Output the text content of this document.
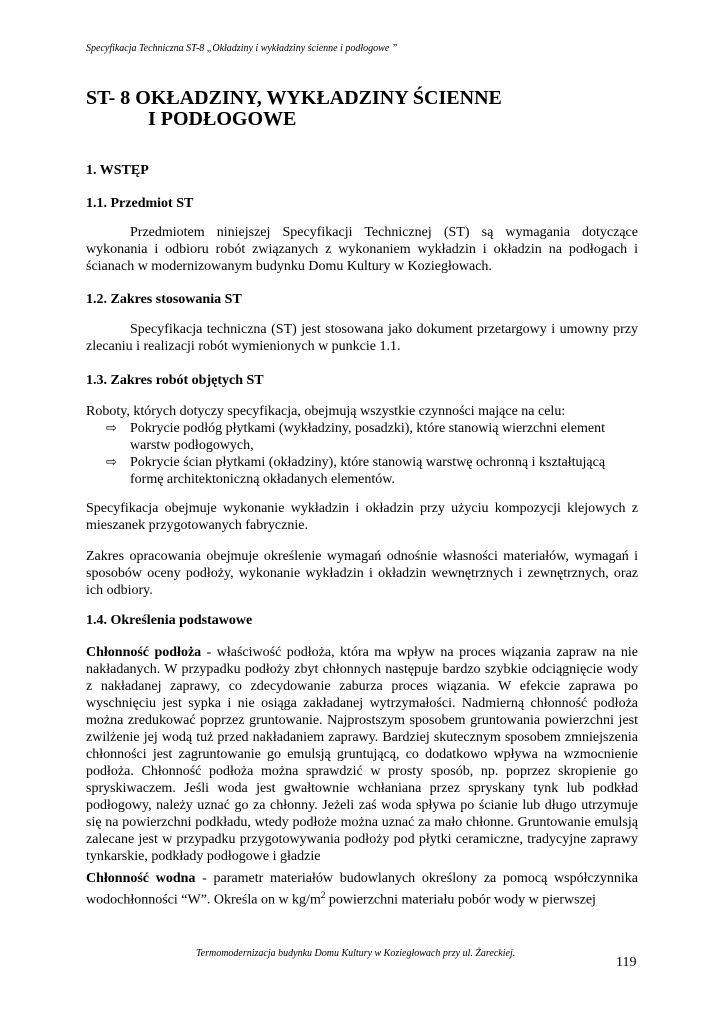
Specyfikacja Techniczna ST-8 „Okładziny i wykładziny ścienne i podłogowe ”
ST- 8 OKŁADZINY, WYKŁADZINY ŚCIENNE
I PODŁOGOWE
1. WSTĘP
1.1. Przedmiot ST

Przedmiotem niniejszej Specyfikacji Technicznej (ST) są wymagania dotyczące wykonania i odbioru robót związanych z wykonaniem wykładzin i okładzin na podłogach i ścianach w modernizowanym budynku Domu Kultury w Koziegłowach.

1.2. Zakres stosowania ST

Specyfikacja techniczna (ST) jest stosowana jako dokument przetargowy i umowny przy zlecaniu i realizacji robót wymienionych w punkcie 1.1.

1.3. Zakres robót objętych ST

Roboty, których dotyczy specyfikacja, obejmują wszystkie czynności mające na celu:

⇨ Pokrycie podłóg płytkami (wykładziny, posadzki), które stanowią wierzchni element warstw podłogowych,
⇨ Pokrycie ścian płytkami (okładziny), które stanowią warstwę ochronną i kształtującą formę architektoniczną okładanych elementów.

Specyfikacja obejmuje wykonanie wykładzin i okładzin przy użyciu kompozycji klejowych z mieszanek przygotowanych fabrycznie.

Zakres opracowania obejmuje określenie wymagań odnośnie własności materiałów, wymagań i sposobów oceny podłoży, wykonanie wykładzin i okładzin wewnętrznych i zewnętrznych, oraz ich odbiory.

1.4. Określenia podstawowe

Chłonność podłoża - właściwość podłoża, która ma wpływ na proces wiązania zapraw na nie nakładanych. W przypadku podłoży zbyt chłonnych następuje bardzo szybkie odciągnięcie wody z nakładanej zaprawy, co zdecydowanie zaburza proces wiązania. W efekcie zaprawa po wyschnięciu jest sypka i nie osiąga zakładanej wytrzymałości. Nadmierną chłonność podłoża można zredukować poprzez gruntowanie. Najprostszym sposobem gruntowania powierzchni jest zwilżenie jej wodą tuż przed nakładaniem zaprawy. Bardziej skutecznym sposobem zmniejszenia chłonności jest zagruntowanie go emulsją gruntującą, co dodatkowo wpływa na wzmocnienie podłoża. Chłonność podłoża można sprawdzić w prosty sposób, np. poprzez skropienie go spryskiwaczem. Jeśli woda jest gwałtownie wchłaniana przez spryskany tynk lub podkład podłogowy, należy uznać go za chłonny. Jeżeli zaś woda spływa po ścianie lub długo utrzymuje się na powierzchni podkładu, wtedy podłoże można uznać za mało chłonne. Gruntowanie emulsją zalecane jest w przypadku przygotowywania podłoży pod płytki ceramiczne, tradycyjne zaprawy tynkarskie, podkłady podłogowe i gładzie

Chłonność wodna - parametr materiałów budowlanych określony za pomocą współczynnika wodochłonności “W”. Określa on w $kg/m^2$ powierzchni materiału pobór wody w pierwszej

Termomodernizacja budynku Domu Kultury w Koziegłowach przy ul. Żareckiej.
119
